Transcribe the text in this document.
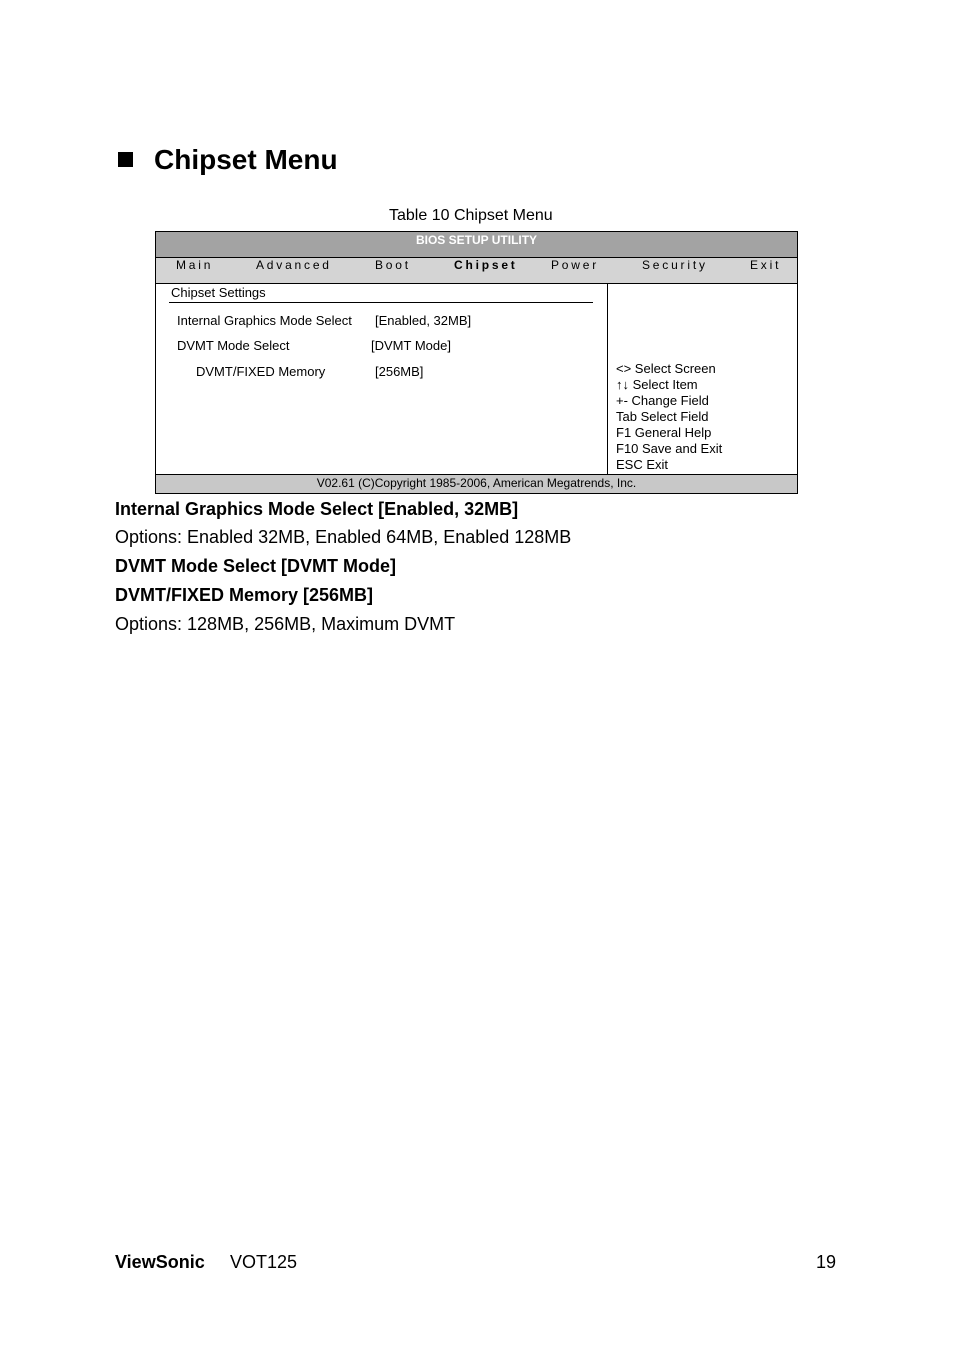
Chipset Menu
Table 10 Chipset Menu
BIOS SETUP UTILITY
Main	Advanced	Boot	Chipset	Power	Security	Exit
Chipset Settings
Internal Graphics Mode Select [Enabled, 32MB]
DVMT Mode Select	[DVMT Mode]
DVMT/FIXED Memory	[256MB]	<> Select Screen
↑↓ Select Item
+- Change Field
Tab Select Field
F1 General Help
F10 Save and Exit
ESC Exit
V02.61 (C)Copyright 1985-2006, American Megatrends, Inc.
Internal Graphics Mode Select [Enabled, 32MB]
Options: Enabled 32MB, Enabled 64MB, Enabled 128MB
DVMT Mode Select [DVMT Mode]
DVMT/FIXED Memory [256MB]
Options: 128MB, 256MB, Maximum DVMT
ViewSonic VOT125	19
